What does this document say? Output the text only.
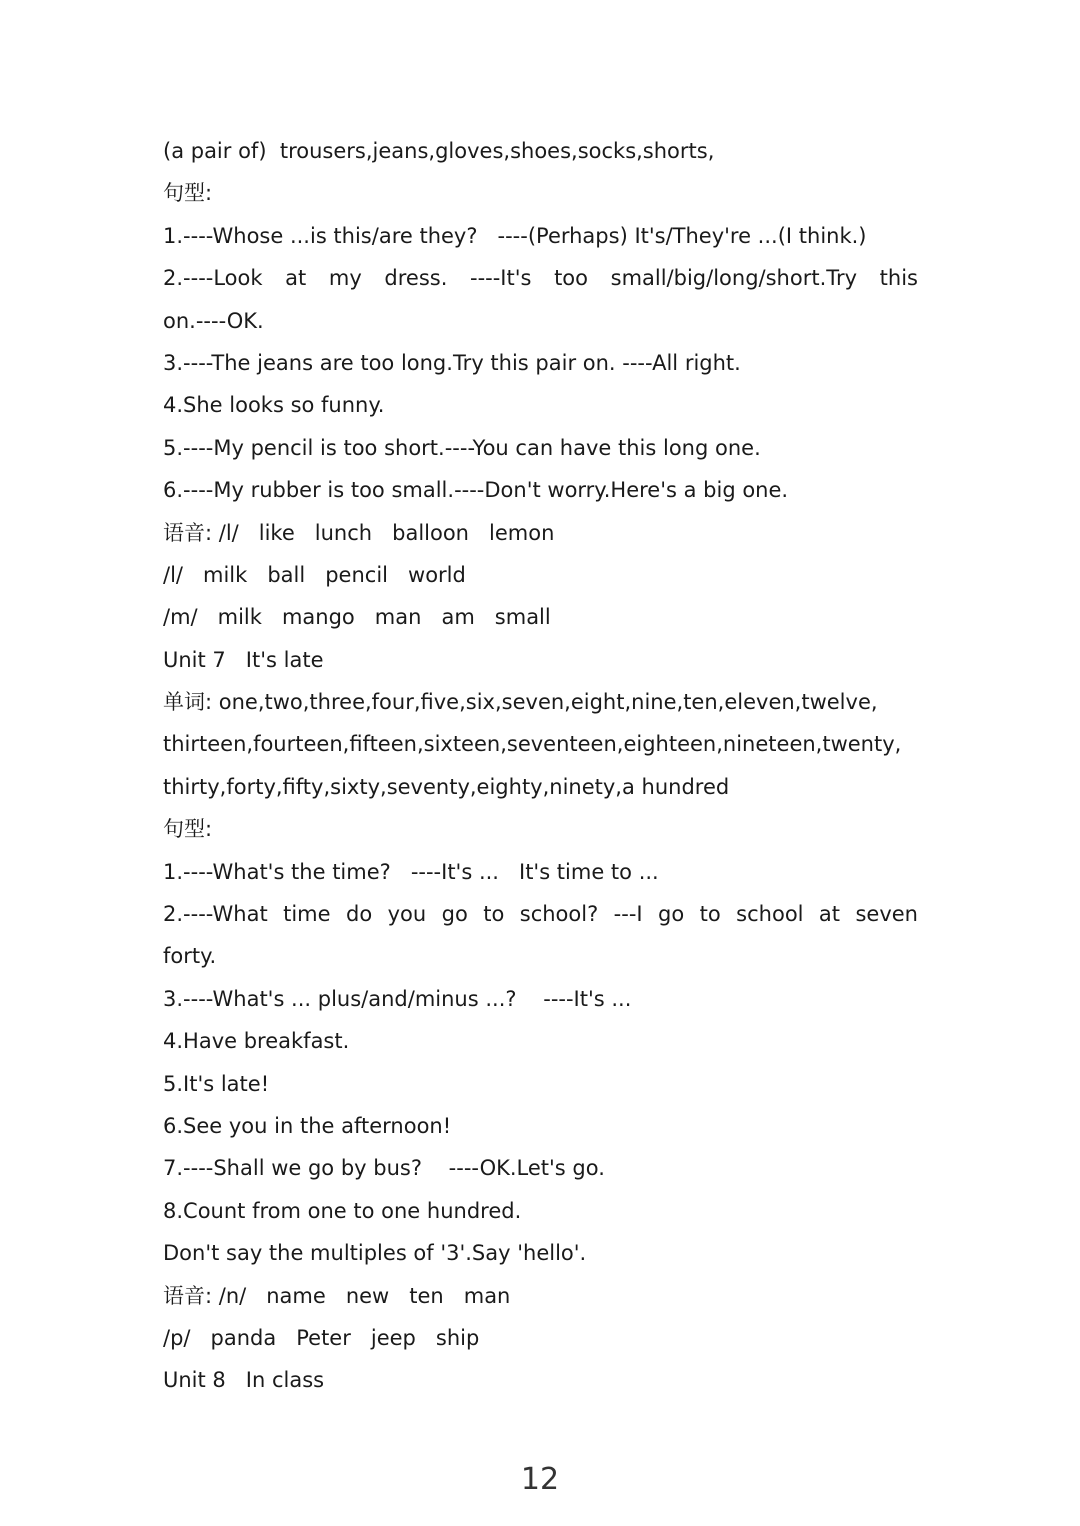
(a pair of)  trousers,jeans,gloves,shoes,socks,shorts,
句型:
1.----Whose ...is this/are they?   ----(Perhaps) It's/They're ...(I think.)
2.----Look at my dress. ----It's too small/big/long/short.Try this
on.----OK.
3.----The jeans are too long.Try this pair on. ----All right.
4.She looks so funny.
5.----My pencil is too short.----You can have this long one.
6.----My rubber is too small.----Don't worry.Here's a big one.
语音: /l/   like   lunch   balloon   lemon
/l/   milk   ball   pencil   world
/m/   milk   mango   man   am   small
Unit 7   It's late
单词: one,two,three,four,five,six,seven,eight,nine,ten,eleven,twelve,
thirteen,fourteen,fifteen,sixteen,seventeen,eighteen,nineteen,twenty,
thirty,forty,fifty,sixty,seventy,eighty,ninety,a hundred
句型:
1.----What's the time?   ----It's ...   It's time to ...
2.----What time do you go to school? ---I go to school at seven
forty.
3.----What's ... plus/and/minus ...?    ----It's ...
4.Have breakfast.
5.It's late!
6.See you in the afternoon!
7.----Shall we go by bus?    ----OK.Let's go.
8.Count from one to one hundred.
Don't say the multiples of '3'.Say 'hello'.
语音: /n/   name   new   ten   man
/p/   panda   Peter   jeep   ship
Unit 8   In class
12
